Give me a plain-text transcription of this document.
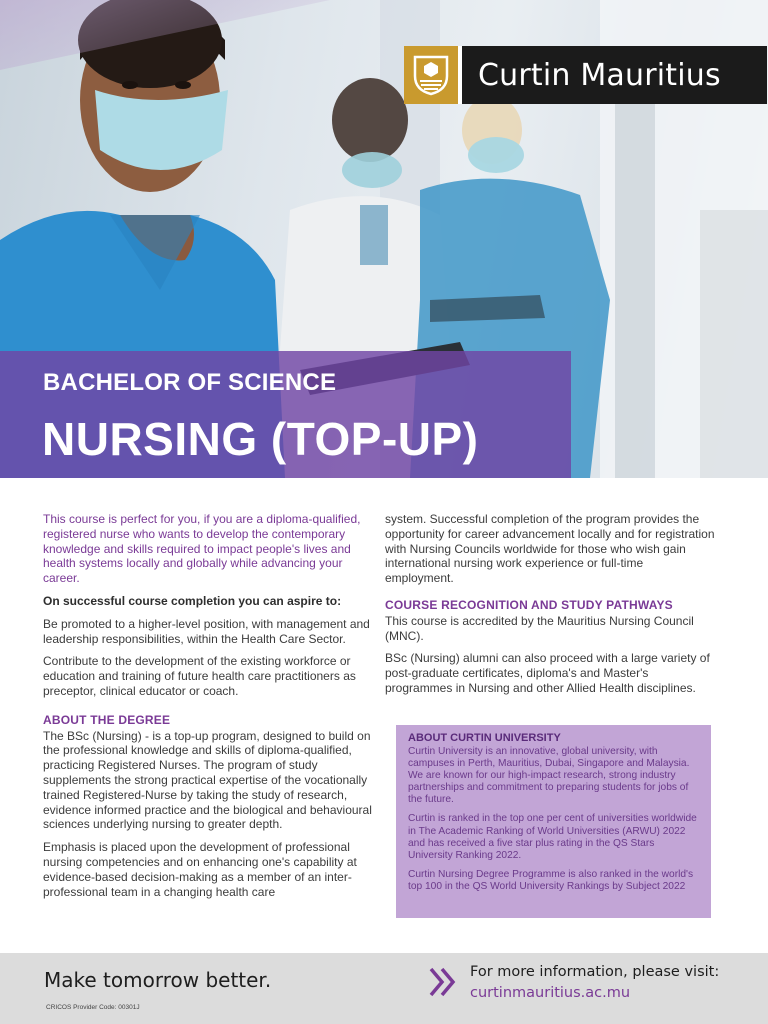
Curtin Mauritius
BACHELOR OF SCIENCE
NURSING (TOP-UP)

This course is perfect for you, if you are a diploma-qualified, registered nurse who wants to develop the contemporary knowledge and skills required to impact people's lives and health systems locally and globally while advancing your career.

On successful course completion you can aspire to:

Be promoted to a higher-level position, with management and leadership responsibilities, within the Health Care Sector.

Contribute to the development of the existing workforce or education and training of future health care practitioners as preceptor, clinical educator or coach.

ABOUT THE DEGREE

The BSc (Nursing) - is a top-up program, designed to build on the professional knowledge and skills of diploma-qualified, practicing Registered Nurses. The program of study supplements the strong practical expertise of the vocationally trained Registered-Nurse by taking the study of research, evidence informed practice and the biological and behavioural sciences underlying nursing to greater depth.

Emphasis is placed upon the development of professional nursing competencies and on enhancing one's capability at evidence-based decision-making as a member of an inter-professional team in a changing health care

system. Successful completion of the program provides the opportunity for career advancement locally and for registration with Nursing Councils worldwide for those who wish gain international nursing work experience or full-time employment.

COURSE RECOGNITION AND STUDY PATHWAYS

This course is accredited by the Mauritius Nursing Council (MNC).

BSc (Nursing) alumni can also proceed with a large variety of post-graduate certificates, diploma's and Master's programmes in Nursing and other Allied Health disciplines.

ABOUT CURTIN UNIVERSITY

Curtin University is an innovative, global university, with campuses in Perth, Mauritius, Dubai, Singapore and Malaysia. We are known for our high-impact research, strong industry partnerships and commitment to preparing students for jobs of the future.

Curtin is ranked in the top one per cent of universities worldwide in The Academic Ranking of World Universities (ARWU) 2022 and has received a five star plus rating in the QS Stars University Ranking 2022.

Curtin Nursing Degree Programme is also ranked in the world's top 100 in the QS World University Rankings by Subject 2022

Make tomorrow better.
CRICOS Provider Code: 00301J
For more information, please visit:
curtinmauritius.ac.mu
